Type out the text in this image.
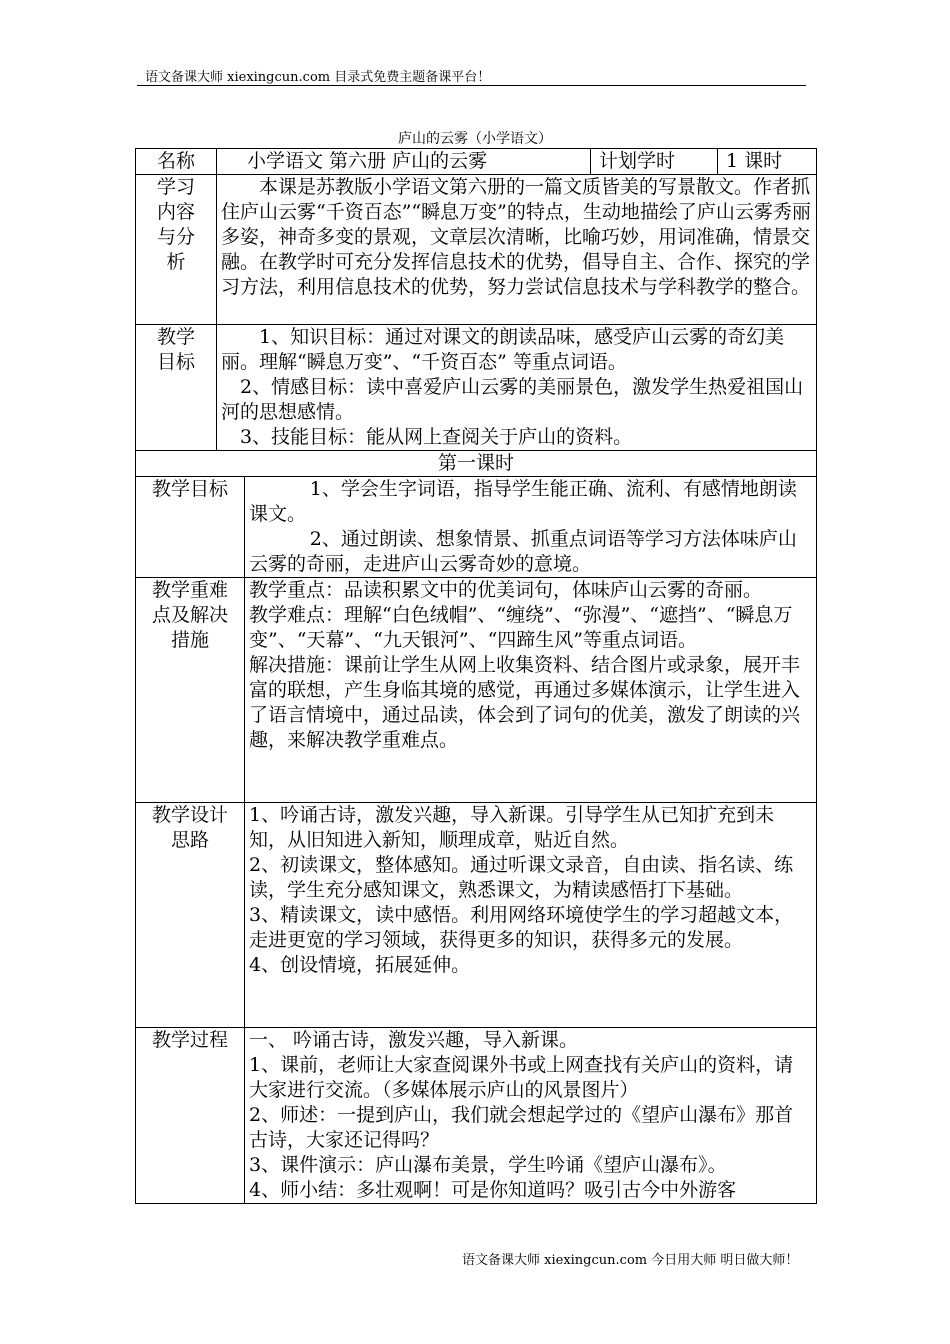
语文备课大师 xiexingcun.com 目录式免费主题备课平台！
庐山的云雾（小学语文）
名称	小学语文 第六册 庐山的云雾		计划学时	1 课时

学习内容与分析	本课是苏教版小学语文第六册的一篇文质皆美的写景散文。作者抓住庐山云雾“千资百态”“瞬息万变”的特点，生动地描绘了庐山云雾秀丽多姿，神奇多变的景观，文章层次清晰，比喻巧妙，用词准确，情景交融。在教学时可充分发挥信息技术的优势，倡导自主、合作、探究的学习方法，利用信息技术的优势，努力尝试信息技术与学科教学的整合。			

教学目标	1、知识目标：通过对课文的朗读品味，感受庐山云雾的奇幻美丽。理解“瞬息万变”、“千资百态” 等重点词语。

2、情感目标：读中喜爱庐山云雾的美丽景色，激发学生热爱祖国山河的思想感情。

3、技能目标：能从网上查阅关于庐山的资料。			

第一课时				
教学目标		1、学会生字词语，指导学生能正确、流利、有感情地朗读课文。

2、通过朗读、想象情景、抓重点词语等学习方法体味庐山云雾的奇丽，走进庐山云雾奇妙的意境。		

教学重难点及解决措施		教学重点：品读积累文中的优美词句，体味庐山云雾的奇丽。

教学难点：理解“白色绒帽”、“缠绕”、“弥漫”、“遮挡”、“瞬息万变”、“天幕”、“九天银河”、“四蹄生风”等重点词语。

解决措施：课前让学生从网上收集资料、结合图片或录象，展开丰富的联想，产生身临其境的感觉，再通过多媒体演示，让学生进入了语言情境中，通过品读，体会到了词句的优美，激发了朗读的兴趣，来解决教学重难点。		

教学设计思路		1、吟诵古诗，激发兴趣，导入新课。引导学生从已知扩充到未知，从旧知进入新知，顺理成章，贴近自然。

2、初读课文，整体感知。通过听课文录音，自由读、指名读、练读，学生充分感知课文，熟悉课文，为精读感悟打下基础。

3、精读课文，读中感悟。利用网络环境使学生的学习超越文本，走进更宽的学习领域，获得更多的知识，获得多元的发展。

4、创设情境，拓展延伸。		

教学过程		一、 吟诵古诗，激发兴趣，导入新课。

1、课前，老师让大家查阅课外书或上网查找有关庐山的资料，请大家进行交流。（多媒体展示庐山的风景图片）

2、师述：一提到庐山，我们就会想起学过的《望庐山瀑布》那首古诗，大家还记得吗？

3、课件演示：庐山瀑布美景，学生吟诵《望庐山瀑布》。

4、师小结：多壮观啊！可是你知道吗？吸引古今中外游客		

语文备课大师 xiexingcun.com 今日用大师 明日做大师！
